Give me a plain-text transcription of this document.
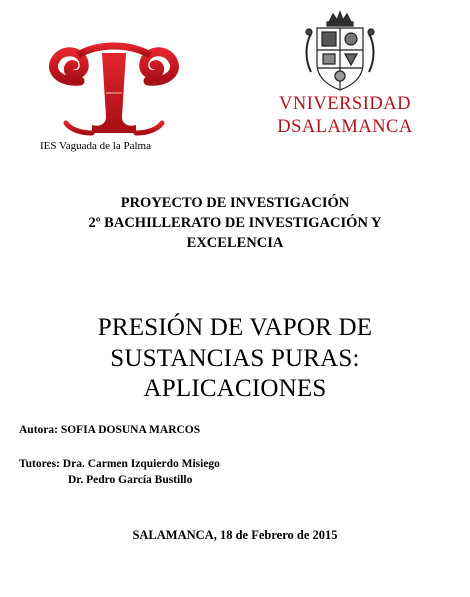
IES Vaguada de la Palma
VNIVERSIDAD
DSALAMANCA
PROYECTO DE INVESTIGACIÓN
2º BACHILLERATO DE INVESTIGACIÓN Y
EXCELENCIA
PRESIÓN DE VAPOR DE
SUSTANCIAS PURAS:
APLICACIONES
Autora: SOFIA DOSUNA MARCOS
Tutores: Dra. Carmen Izquierdo Misiego
Dr. Pedro García Bustillo
SALAMANCA, 18 de Febrero de 2015
